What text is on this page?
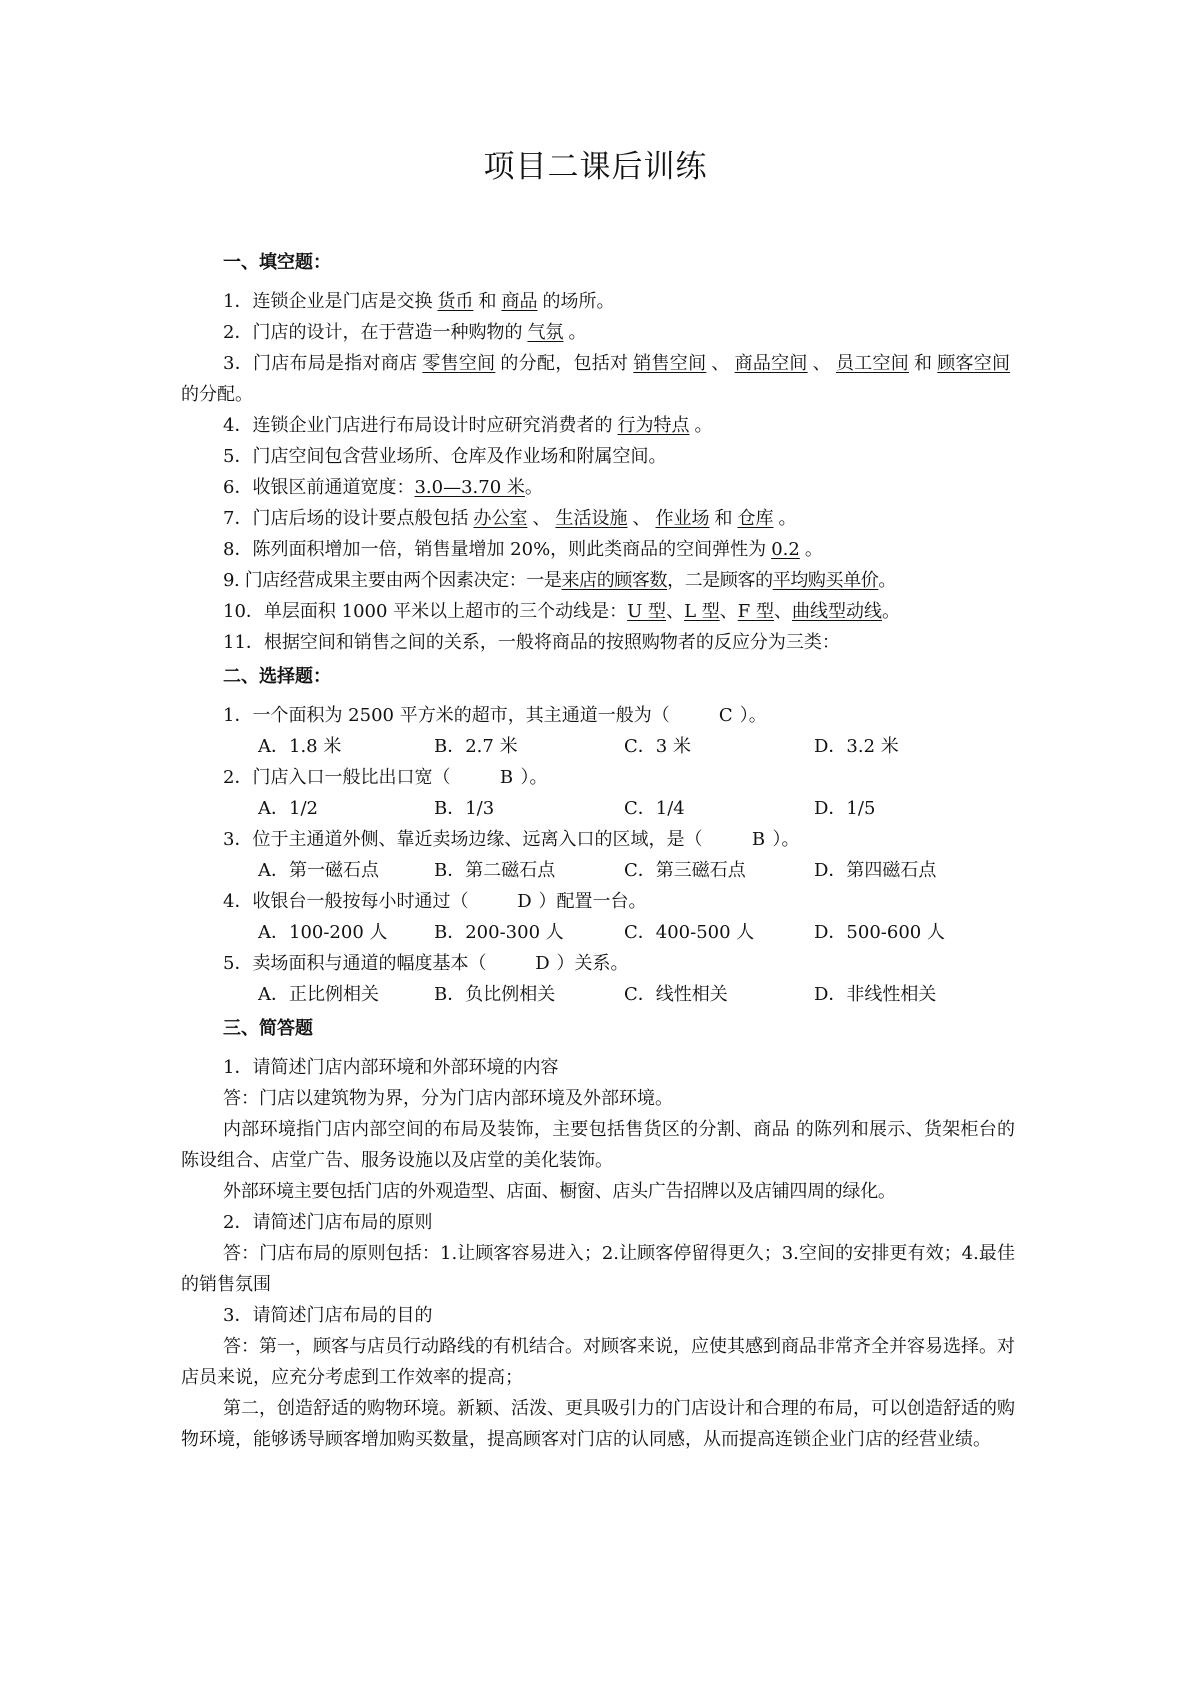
项目二课后训练
一、填空题：
1．连锁企业是门店是交换 货币 和 商品 的场所。
2．门店的设计，在于营造一种购物的 气氛 。
3．门店布局是指对商店 零售空间 的分配，包括对 销售空间 、 商品空间 、 员工空间 和 顾客空间的分配。
4．连锁企业门店进行布局设计时应研究消费者的 行为特点 。
5．门店空间包含营业场所、仓库及作业场和附属空间。
6．收银区前通道宽度：3.0—3.70 米。
7．门店后场的设计要点般包括 办公室 、 生活设施 、 作业场 和 仓库 。
8．陈列面积增加一倍，销售量增加 20%，则此类商品的空间弹性为 0.2 。
9. 门店经营成果主要由两个因素决定：一是来店的顾客数，二是顾客的平均购买单价。
10．单层面积 1000 平米以上超市的三个动线是：U 型、L 型、F 型、曲线型动线。
11．根据空间和销售之间的关系，一般将商品的按照购物者的反应分为三类：
二、选择题：
1．一个面积为 2500 平方米的超市，其主通道一般为（	C ）。
A．1.8 米	B．2.7 米	C．3 米	D．3.2 米
2．门店入口一般比出口宽（	B ）。
A．1/2	B．1/3	C．1/4	D．1/5
3．位于主通道外侧、靠近卖场边缘、远离入口的区域，是（	B ）。
A．第一磁石点	B．第二磁石点	C．第三磁石点	D．第四磁石点
4．收银台一般按每小时通过（	D ）配置一台。
A．100-200 人	B．200-300 人	C．400-500 人	D．500-600 人
5．卖场面积与通道的幅度基本（	D ）关系。
A．正比例相关	B．负比例相关	C．线性相关	D．非线性相关
三、简答题
1．请简述门店内部环境和外部环境的内容
答：门店以建筑物为界，分为门店内部环境及外部环境。
内部环境指门店内部空间的布局及装饰，主要包括售货区的分割、商品 的陈列和展示、货架柜台的陈设组合、店堂广告、服务设施以及店堂的美化装饰。
外部环境主要包括门店的外观造型、店面、橱窗、店头广告招牌以及店铺四周的绿化。
2．请简述门店布局的原则
答：门店布局的原则包括：1.让顾客容易进入；2.让顾客停留得更久；3.空间的安排更有效；4.最佳的销售氛围
3．请简述门店布局的目的
答：第一，顾客与店员行动路线的有机结合。对顾客来说，应使其感到商品非常齐全并容易选择。对店员来说，应充分考虑到工作效率的提高；
第二，创造舒适的购物环境。新颖、活泼、更具吸引力的门店设计和合理的布局，可以创造舒适的购物环境，能够诱导顾客增加购买数量，提高顾客对门店的认同感，从而提高连锁企业门店的经营业绩。
